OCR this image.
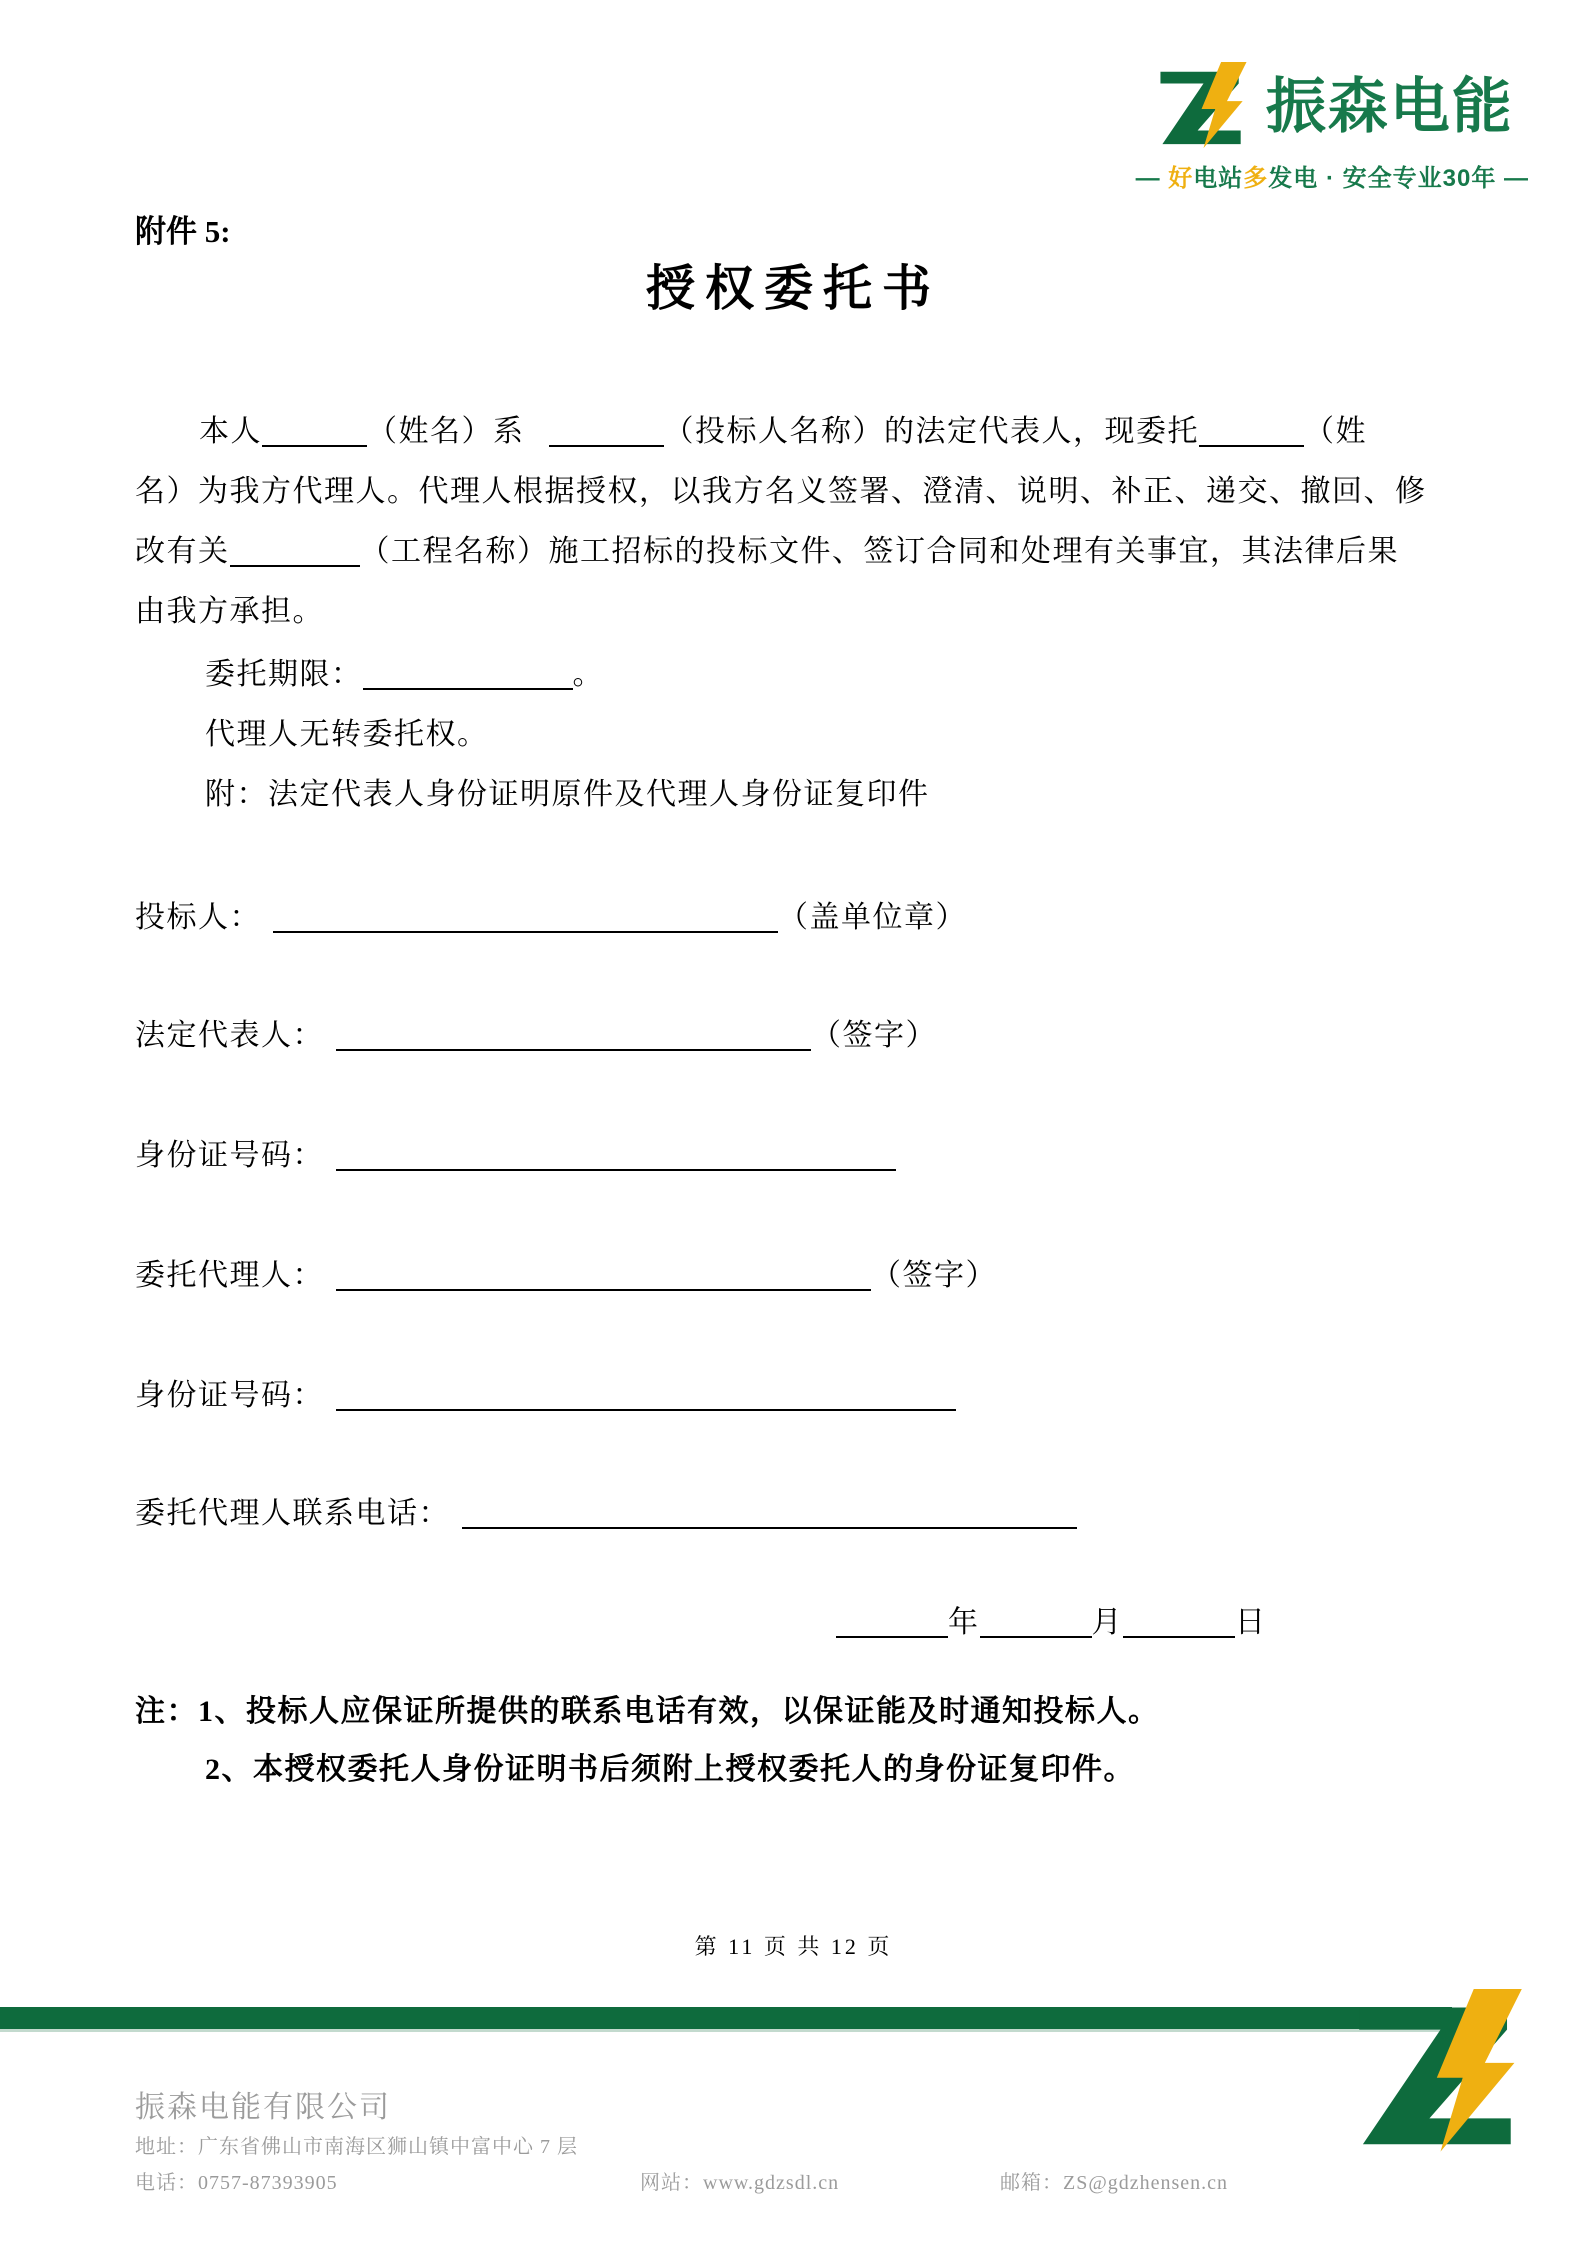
振森电能
— 好电站多发电 · 安全专业30年 —
附件 5:
授权委托书

本人	（姓名）系	（投标人名称）的法定代表人，现委托	（姓
名）为我方代理人。代理人根据授权，以我方名义签署、澄清、说明、补正、递交、撤回、修
改有关	（工程名称）施工招标的投标文件、签订合同和处理有关事宜，其法律后果
由我方承担。

委托期限：	。

代理人无转委托权。

附：法定代表人身份证明原件及代理人身份证复印件

投标人：	（盖单位章）

法定代表人：	（签字）

身份证号码：

委托代理人：	（签字）

身份证号码：

委托代理人联系电话：

年	月	日

注：1、投标人应保证所提供的联系电话有效，以保证能及时通知投标人。

2、本授权委托人身份证明书后须附上授权委托人的身份证复印件。

第 11 页 共 12 页
振森电能有限公司
地址：广东省佛山市南海区狮山镇中富中心 7 层
电话：0757-87393905	网站：www.gdzsdl.cn	邮箱：ZS@gdzhensen.cn
